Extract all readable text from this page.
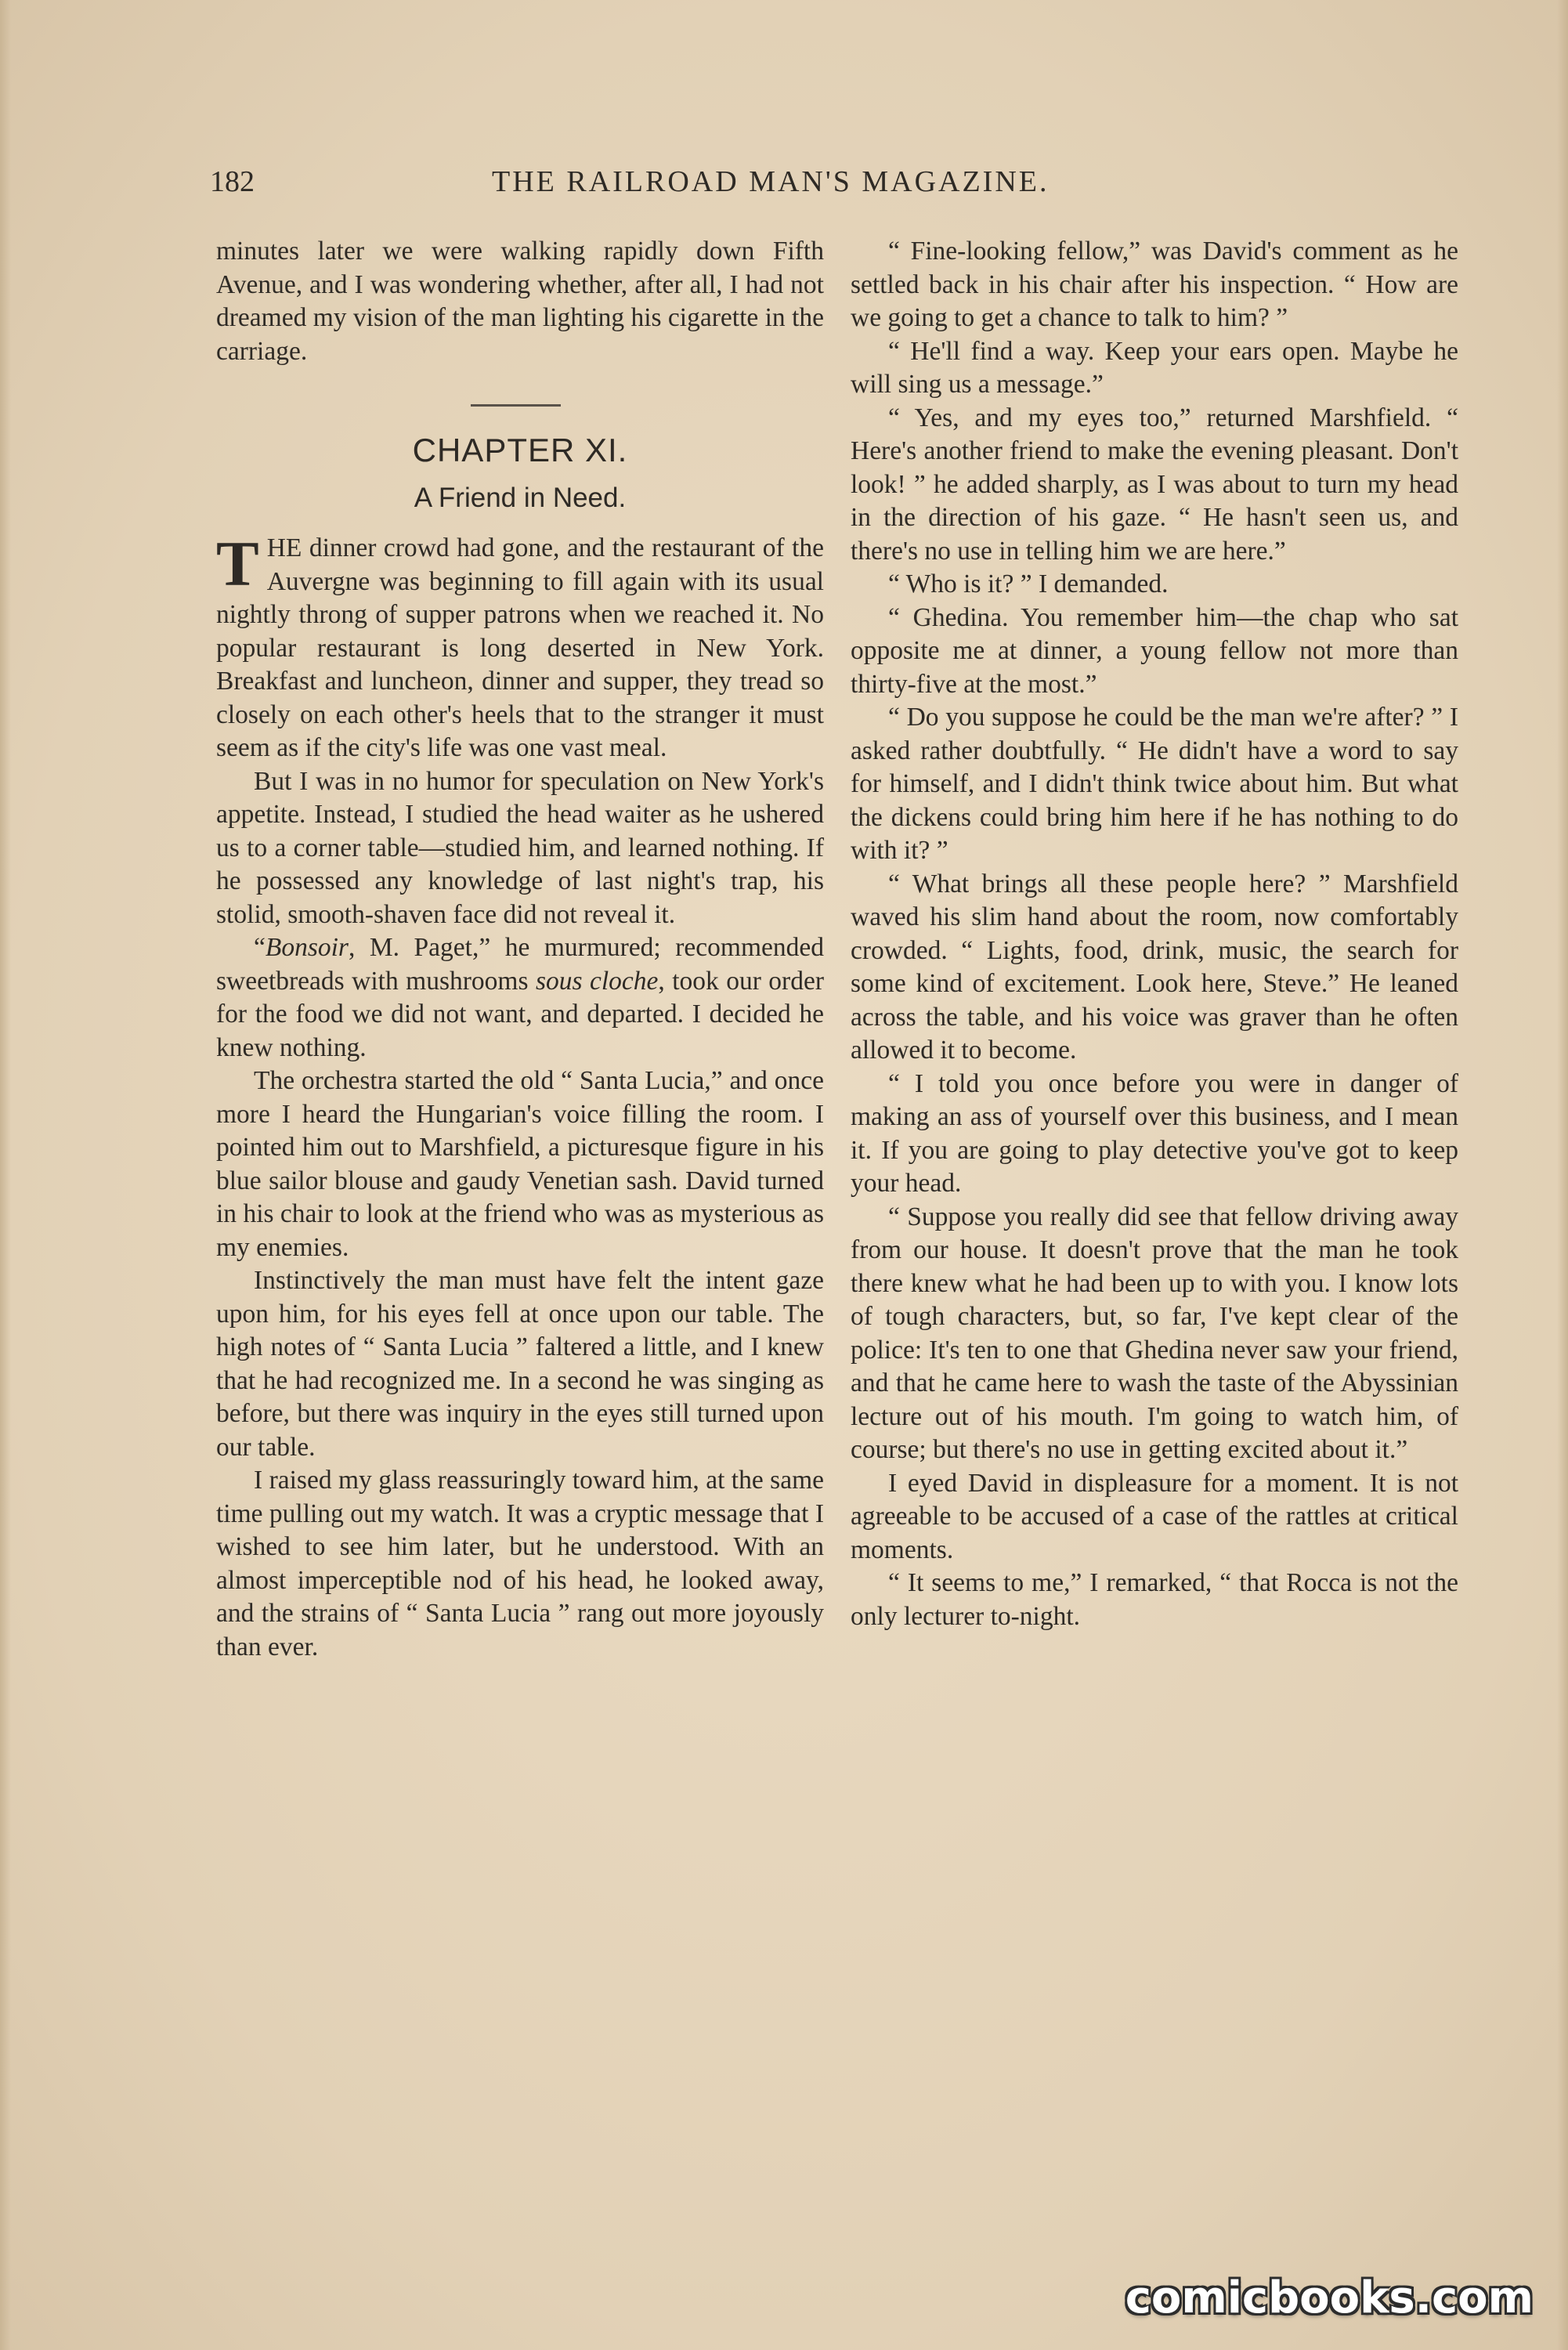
182	THE RAILROAD MAN'S MAGAZINE.

minutes later we were walking rapidly down Fifth Avenue, and I was wondering whether, after all, I had not dreamed my vision of the man lighting his cigarette in the carriage.

CHAPTER XI.
A Friend in Need.

THE dinner crowd had gone, and the restaurant of the Auvergne was beginning to fill again with its usual nightly throng of supper patrons when we reached it. No popular restaurant is long deserted in New York. Breakfast and luncheon, dinner and supper, they tread so closely on each other's heels that to the stranger it must seem as if the city's life was one vast meal.

But I was in no humor for speculation on New York's appetite. Instead, I studied the head waiter as he ushered us to a corner table—studied him, and learned nothing. If he possessed any knowledge of last night's trap, his stolid, smooth-shaven face did not reveal it.

“Bonsoir, M. Paget,” he murmured; recommended sweetbreads with mushrooms sous cloche, took our order for the food we did not want, and departed. I decided he knew nothing.

The orchestra started the old “ Santa Lucia,” and once more I heard the Hungarian's voice filling the room. I pointed him out to Marshfield, a picturesque figure in his blue sailor blouse and gaudy Venetian sash. David turned in his chair to look at the friend who was as mysterious as my enemies.

Instinctively the man must have felt the intent gaze upon him, for his eyes fell at once upon our table. The high notes of “ Santa Lucia ” faltered a little, and I knew that he had recognized me. In a second he was singing as before, but there was inquiry in the eyes still turned upon our table.

I raised my glass reassuringly toward him, at the same time pulling out my watch. It was a cryptic message that I wished to see him later, but he understood. With an almost imperceptible nod of his head, he looked away, and the strains of “ Santa Lucia ” rang out more joyously than ever.

“ Fine-looking fellow,” was David's comment as he settled back in his chair after his inspection. “ How are we going to get a chance to talk to him? ”

“ He'll find a way. Keep your ears open. Maybe he will sing us a message.”

“ Yes, and my eyes too,” returned Marshfield. “ Here's another friend to make the evening pleasant. Don't look! ” he added sharply, as I was about to turn my head in the direction of his gaze. “ He hasn't seen us, and there's no use in telling him we are here.”

“ Who is it? ” I demanded.

“ Ghedina. You remember him—the chap who sat opposite me at dinner, a young fellow not more than thirty-five at the most.”

“ Do you suppose he could be the man we're after? ” I asked rather doubtfully. “ He didn't have a word to say for himself, and I didn't think twice about him. But what the dickens could bring him here if he has nothing to do with it? ”

“ What brings all these people here? ” Marshfield waved his slim hand about the room, now comfortably crowded. “ Lights, food, drink, music, the search for some kind of excitement. Look here, Steve.” He leaned across the table, and his voice was graver than he often allowed it to become.

“ I told you once before you were in danger of making an ass of yourself over this business, and I mean it. If you are going to play detective you've got to keep your head.

“ Suppose you really did see that fellow driving away from our house. It doesn't prove that the man he took there knew what he had been up to with you. I know lots of tough characters, but, so far, I've kept clear of the police: It's ten to one that Ghedina never saw your friend, and that he came here to wash the taste of the Abyssinian lecture out of his mouth. I'm going to watch him, of course; but there's no use in getting excited about it.”

I eyed David in displeasure for a moment. It is not agreeable to be accused of a case of the rattles at critical moments.

“ It seems to me,” I remarked, “ that Rocca is not the only lecturer to-night.

comicbooks.com
